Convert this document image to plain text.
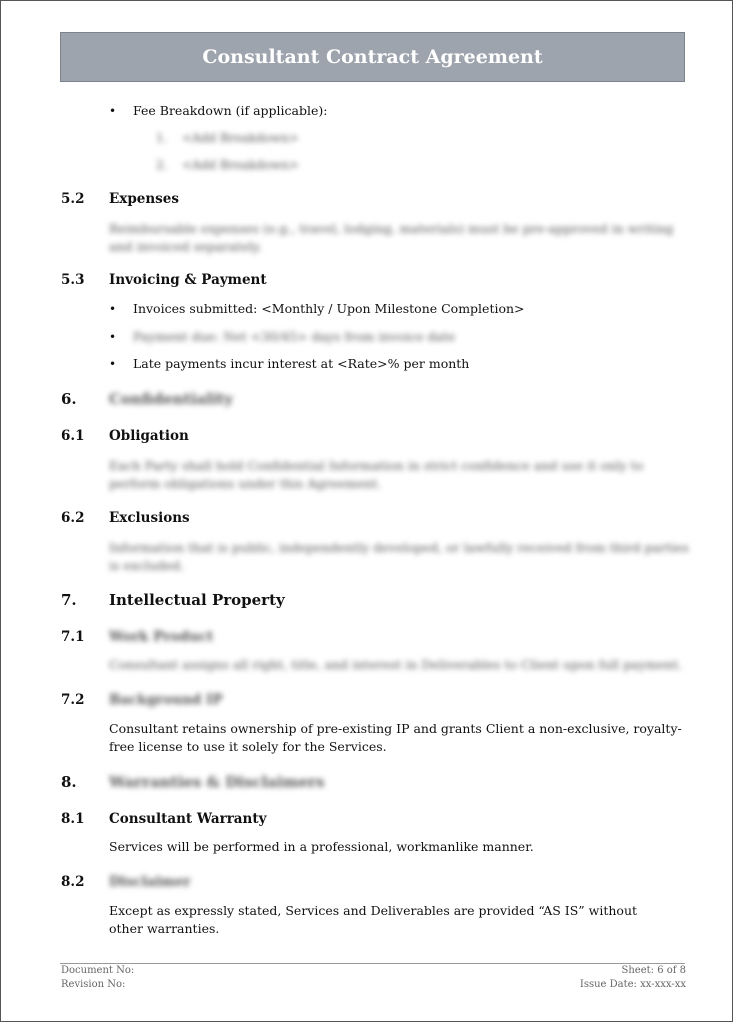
Consultant Contract Agreement
• Fee Breakdown (if applicable):
1. <Add Breakdown>
2. <Add Breakdown>
5.2 Expenses
Reimbursable expenses (e.g., travel, lodging, materials) must be pre-approved in writing and invoiced separately.
5.3 Invoicing & Payment
• Invoices submitted: <Monthly / Upon Milestone Completion>
• Payment due: Net <30/45> days from invoice date
• Late payments incur interest at <Rate>% per month
6. Confidentiality
6.1 Obligation
Each Party shall hold Confidential Information in strict confidence and use it only to perform obligations under this Agreement.
6.2 Exclusions
Information that is public, independently developed, or lawfully received from third parties is excluded.
7. Intellectual Property
7.1 Work Product
Consultant assigns all right, title, and interest in Deliverables to Client upon full payment.
7.2 Background IP
Consultant retains ownership of pre-existing IP and grants Client a non-exclusive, royalty-free license to use it solely for the Services.
8. Warranties & Disclaimers
8.1 Consultant Warranty
Services will be performed in a professional, workmanlike manner.
8.2 Disclaimer
Except as expressly stated, Services and Deliverables are provided “AS IS” without other warranties.
Document No:
Revision No:
Sheet: 6 of 8
Issue Date: xx-xxx-xx
